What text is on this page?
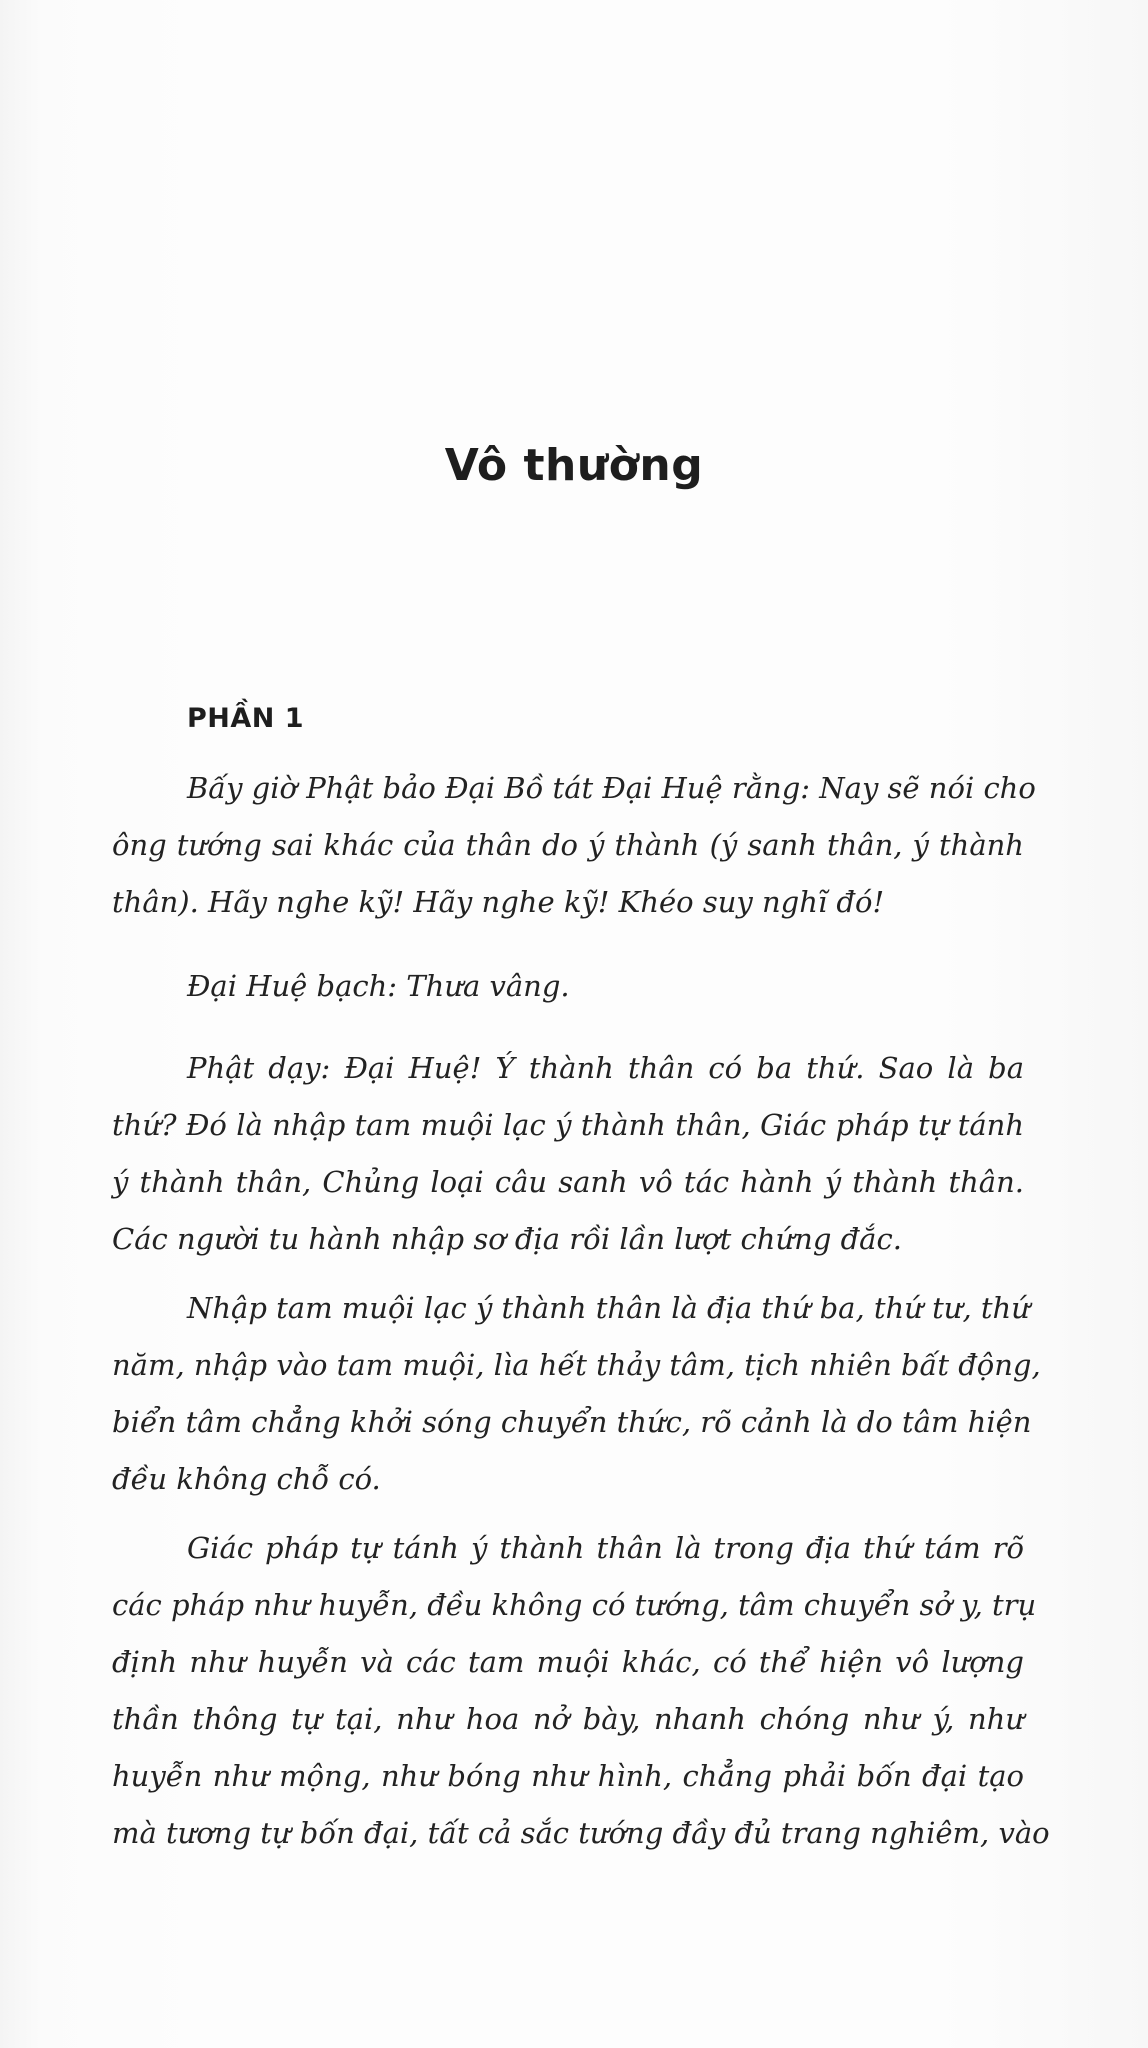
Vô thường
PHẦN 1

Bấy giờ Phật bảo Đại Bồ tát Đại Huệ rằng: Nay sẽ nói cho
ông tướng sai khác của thân do ý thành (ý sanh thân, ý thành
thân). Hãy nghe kỹ! Hãy nghe kỹ! Khéo suy nghĩ đó!

Đại Huệ bạch: Thưa vâng.

Phật dạy: Đại Huệ! Ý thành thân có ba thứ. Sao là ba
thứ? Đó là nhập tam muội lạc ý thành thân, Giác pháp tự tánh
ý thành thân, Chủng loại câu sanh vô tác hành ý thành thân.
Các người tu hành nhập sơ địa rồi lần lượt chứng đắc.

Nhập tam muội lạc ý thành thân là địa thứ ba, thứ tư, thứ
năm, nhập vào tam muội, lìa hết thảy tâm, tịch nhiên bất động,
biển tâm chẳng khởi sóng chuyển thức, rõ cảnh là do tâm hiện
đều không chỗ có.

Giác pháp tự tánh ý thành thân là trong địa thứ tám rõ
các pháp như huyễn, đều không có tướng, tâm chuyển sở y, trụ
định như huyễn và các tam muội khác, có thể hiện vô lượng
thần thông tự tại, như hoa nở bày, nhanh chóng như ý, như
huyễn như mộng, như bóng như hình, chẳng phải bốn đại tạo
mà tương tự bốn đại, tất cả sắc tướng đầy đủ trang nghiêm, vào
